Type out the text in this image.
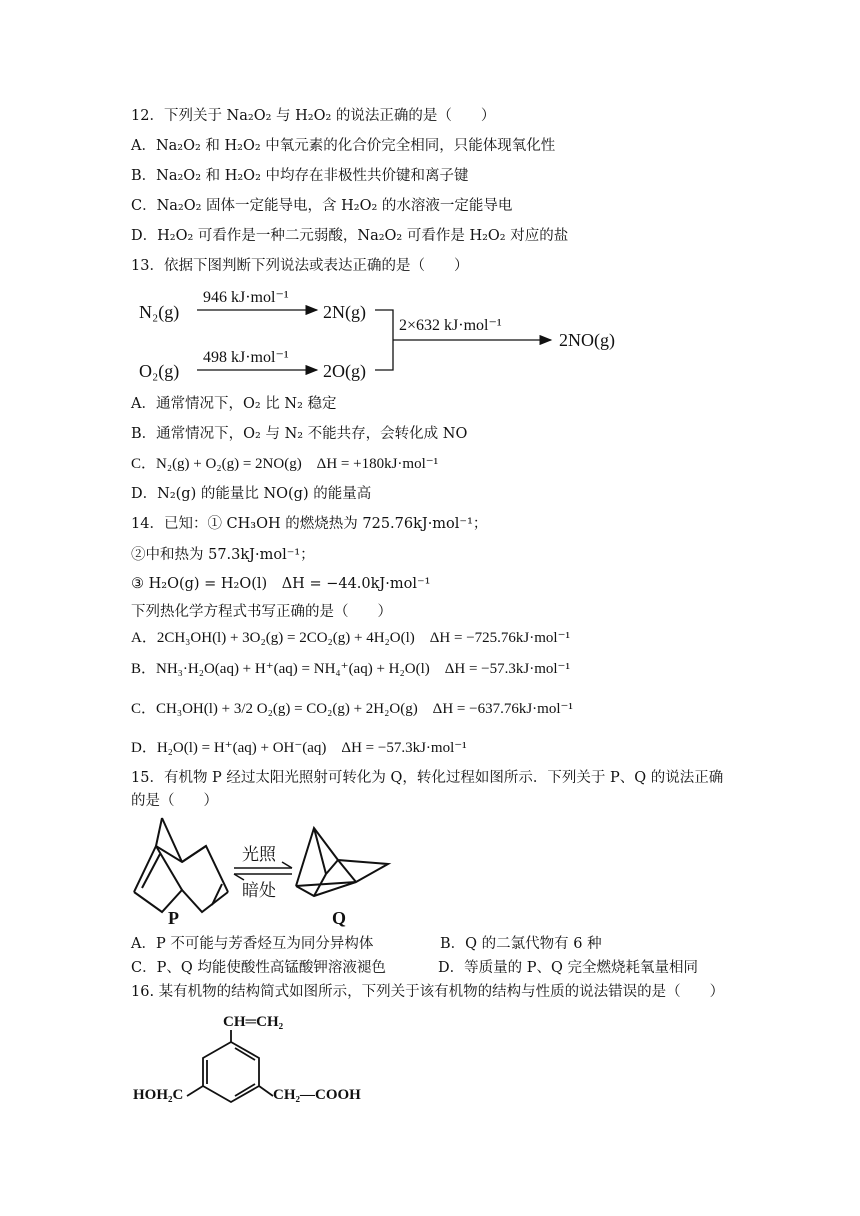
12．下列关于 Na₂O₂ 与 H₂O₂ 的说法正确的是（　　）
A．Na₂O₂ 和 H₂O₂ 中氧元素的化合价完全相同，只能体现氧化性
B．Na₂O₂ 和 H₂O₂ 中均存在非极性共价键和离子键
C．Na₂O₂ 固体一定能导电，含 H₂O₂ 的水溶液一定能导电
D．H₂O₂ 可看作是一种二元弱酸，Na₂O₂ 可看作是 H₂O₂ 对应的盐
13．依据下图判断下列说法或表达正确的是（　　）
N₂(g)
946 kJ·mol⁻¹
2N(g)
O₂(g)
498 kJ·mol⁻¹
2O(g)
2×632 kJ·mol⁻¹
2NO(g)
A．通常情况下，O₂ 比 N₂ 稳定
B．通常情况下，O₂ 与 N₂ 不能共存，会转化成 NO
C．N₂(g) + O₂(g) = 2NO(g)　ΔH = +180kJ·mol⁻¹
D．N₂(g) 的能量比 NO(g) 的能量高
14．已知：① CH₃OH 的燃烧热为 725.76kJ·mol⁻¹；
②中和热为 57.3kJ·mol⁻¹；
③ H₂O(g) = H₂O(l)　ΔH = −44.0kJ·mol⁻¹
下列热化学方程式书写正确的是（　　）
A．2CH₃OH(l) + 3O₂(g) = 2CO₂(g) + 4H₂O(l)　ΔH = −725.76kJ·mol⁻¹
B．NH₃·H₂O(aq) + H⁺(aq) = NH₄⁺(aq) + H₂O(l)　ΔH = −57.3kJ·mol⁻¹
C．CH₃OH(l) + 3/2 O₂(g) = CO₂(g) + 2H₂O(g)　ΔH = −637.76kJ·mol⁻¹
D．H₂O(l) = H⁺(aq) + OH⁻(aq)　ΔH = −57.3kJ·mol⁻¹
15．有机物 P 经过太阳光照射可转化为 Q，转化过程如图所示．下列关于 P、Q 的说法正确
的是（　　）
P
光照
暗处
Q
A．P 不可能与芳香烃互为同分异构体	B．Q 的二氯代物有 6 种
C．P、Q 均能使酸性高锰酸钾溶液褪色	D．等质量的 P、Q 完全燃烧耗氧量相同
16. 某有机物的结构简式如图所示，下列关于该有机物的结构与性质的说法错误的是（　　）
CH═CH₂
HOH₂C	CH₂—COOH
